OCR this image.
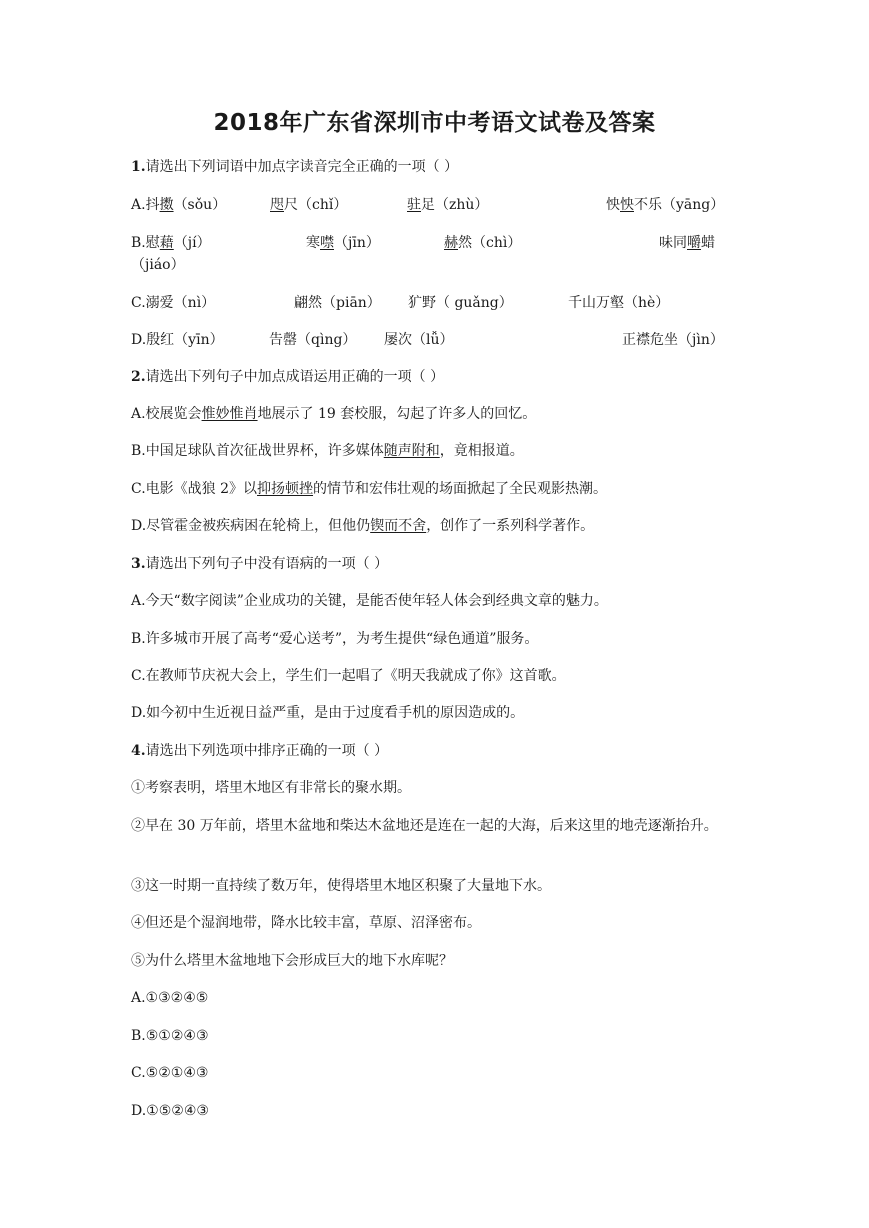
2018年广东省深圳市中考语文试卷及答案
1.请选出下列词语中加点字读音完全正确的一项（ ）
A.抖擞（sǒu）	咫尺（chǐ）	驻足（zhù）	怏怏不乐（yāng）
B.慰藉（jí）	寒噤（jīn）	赫然（chì）	味同嚼蜡
（jiáo）
C.溺爱（nì）	翩然（piān） 犷野（ guǎng）	千山万壑（hè）
D.殷红（yīn）	告罄（qìng） 屡次（lǚ）	正襟危坐（jìn）
2.请选出下列句子中加点成语运用正确的一项（ ）
A.校展览会惟妙惟肖地展示了 19 套校服，勾起了许多人的回忆。
B.中国足球队首次征战世界杯，许多媒体随声附和，竟相报道。
C.电影《战狼 2》以抑扬顿挫的情节和宏伟壮观的场面掀起了全民观影热潮。
D.尽管霍金被疾病困在轮椅上，但他仍锲而不舍，创作了一系列科学著作。
3.请选出下列句子中没有语病的一项（ ）
A.今天“数字阅读”企业成功的关键，是能否使年轻人体会到经典文章的魅力。
B.许多城市开展了高考“爱心送考”，为考生提供“绿色通道”服务。
C.在教师节庆祝大会上，学生们一起唱了《明天我就成了你》这首歌。
D.如今初中生近视日益严重，是由于过度看手机的原因造成的。
4.请选出下列选项中排序正确的一项（ ）
①考察表明，塔里木地区有非常长的聚水期。
②早在 30 万年前，塔里木盆地和柴达木盆地还是连在一起的大海，后来这里的地壳逐渐抬升。
③这一时期一直持续了数万年，使得塔里木地区积聚了大量地下水。
④但还是个湿润地带，降水比较丰富，草原、沼泽密布。
⑤为什么塔里木盆地地下会形成巨大的地下水库呢？
A.①③②④⑤
B.⑤①②④③
C.⑤②①④③
D.①⑤②④③
